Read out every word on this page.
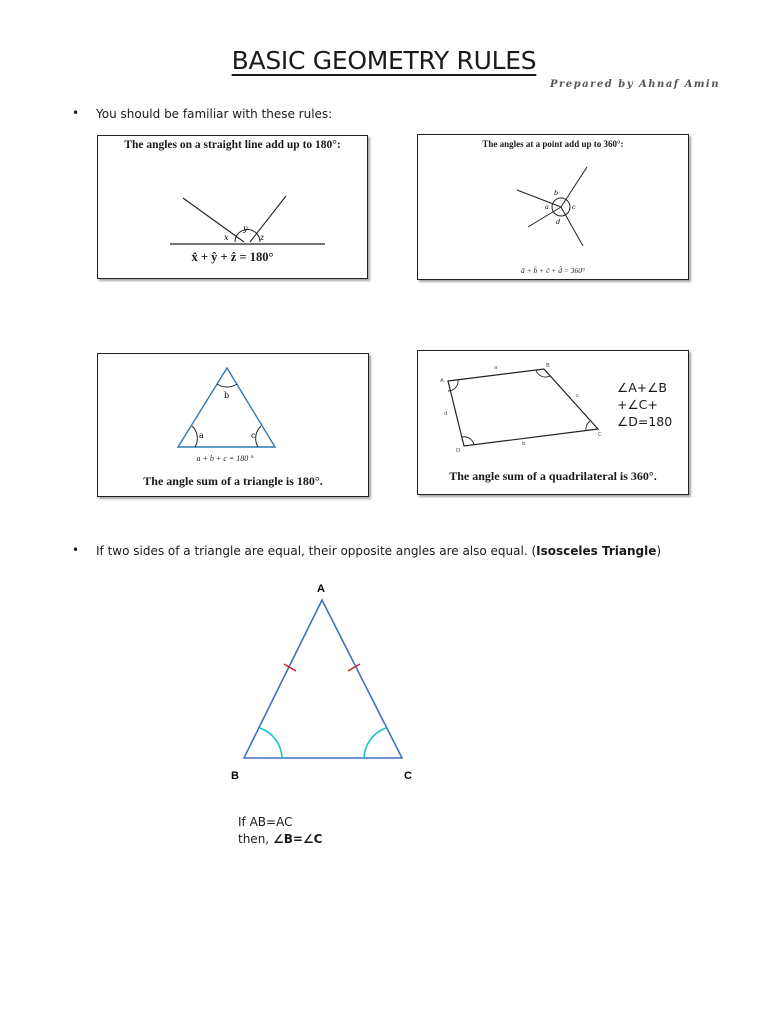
BASIC GEOMETRY RULES
Prepared by Ahnaf Amin
• You should be familiar with these rules:
The angles on a straight line add up to 180°:
x
y
z
x̂ + ŷ + ẑ = 180°
The angles at a point add up to 360°:
a
b
c
d
â + b̂ + ĉ + d̂ = 360°
b
a	c
a + b + c = 180 °
The angle sum of a triangle is 180°.
A
B
C
D
a
b
c
d
∠A+∠B
+∠C+
∠D=180
The angle sum of a quadrilateral is 360°.
• If two sides of a triangle are equal, their opposite angles are also equal. (Isosceles Triangle)
A
B	C
If AB=AC
then, ∠B=∠C
